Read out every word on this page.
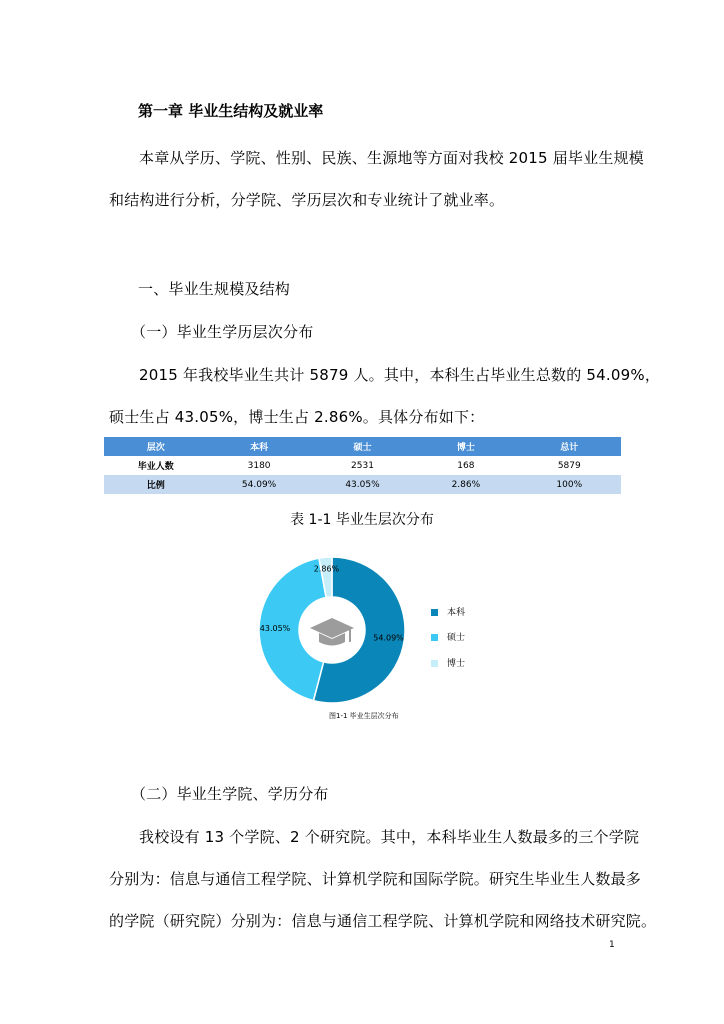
第一章 毕业生结构及就业率
本章从学历、学院、性别、民族、生源地等方面对我校 2015 届毕业生规模
和结构进行分析，分学院、学历层次和专业统计了就业率。
一、毕业生规模及结构
（一）毕业生学历层次分布
2015 年我校毕业生共计 5879 人。其中，本科生占毕业生总数的 54.09%，
硕士生占 43.05%，博士生占 2.86%。具体分布如下：
层次	本科	硕士	博士	总计
毕业人数	3180	2531	168	5879
比例	54.09%	43.05%	2.86%	100%
表 1-1 毕业生层次分布
54.09%
43.05%
2.86%
本科
硕士
博士
图1-1 毕业生层次分布
（二）毕业生学院、学历分布
我校设有 13 个学院、2 个研究院。其中，本科毕业生人数最多的三个学院
分别为：信息与通信工程学院、计算机学院和国际学院。研究生毕业生人数最多
的学院（研究院）分别为：信息与通信工程学院、计算机学院和网络技术研究院。
1
